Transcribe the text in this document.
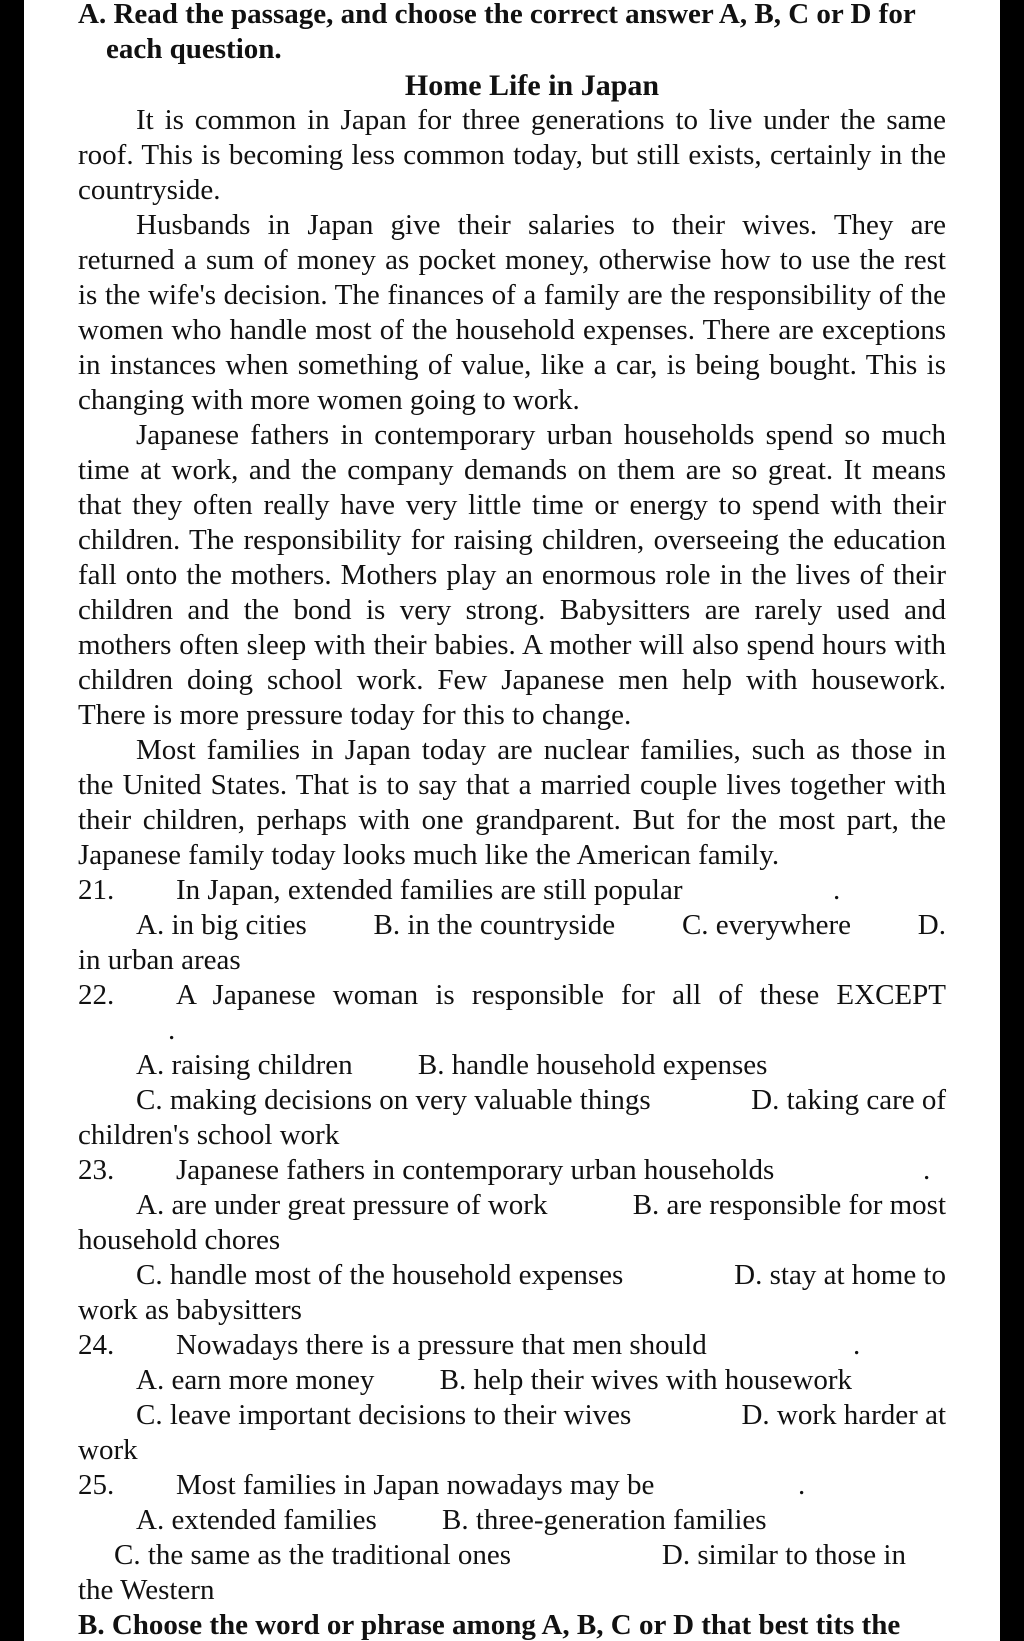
A. Read the passage, and choose the correct answer A, B, C or D for
each question.
Home Life in Japan

It is common in Japan for three generations to live under the same roof. This is becoming less common today, but still exists, certainly in the countryside.

Husbands in Japan give their salaries to their wives. They are returned a sum of money as pocket money, otherwise how to use the rest is the wife's decision. The finances of a family are the responsibility of the women who handle most of the household expenses. There are exceptions in instances when something of value, like a car, is being bought. This is changing with more women going to work.

Japanese fathers in contemporary urban households spend so much time at work, and the company demands on them are so great. It means that they often really have very little time or energy to spend with their children. The responsibility for raising children, overseeing the education fall onto the mothers. Mothers play an enormous role in the lives of their children and the bond is very strong. Babysitters are rarely used and mothers often sleep with their babies. A mother will also spend hours with children doing school work. Few Japanese men help with housework. There is more pressure today for this to change.

Most families in Japan today are nuclear families, such as those in the United States. That is to say that a married couple lives together with their children, perhaps with one grandparent. But for the most part, the Japanese family today looks much like the American family.

21.	In Japan, extended families are still popular	.
A. in big cities B. in the countryside C. everywhere D.
in urban areas
22.	A Japanese woman is responsible for all of these EXCEPT
.
A. raising children B. handle household expenses
C. making decisions on very valuable things	D. taking care of
children's school work
23.	Japanese fathers in contemporary urban households	.
A. are under great pressure of work	B. are responsible for most
household chores
C. handle most of the household expenses	D. stay at home to
work as babysitters
24.	Nowadays there is a pressure that men should	.
A. earn more money B. help their wives with housework
C. leave important decisions to their wives	D. work harder at
work
25.	Most families in Japan nowadays may be	.
A. extended families B. three-generation families
C. the same as the traditional ones	D. similar to those in
the Western
B. Choose the word or phrase among A, B, C or D that best tits the
